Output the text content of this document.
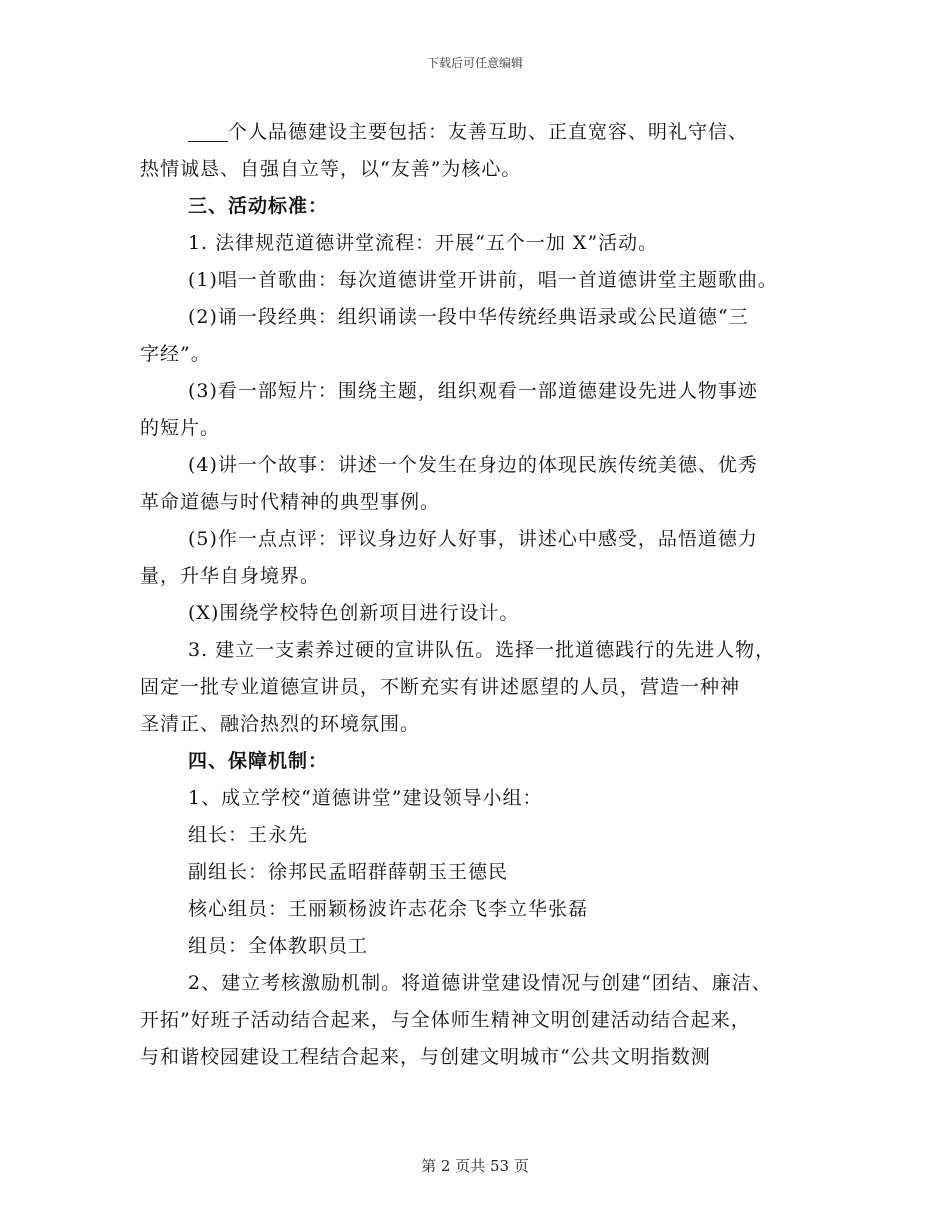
下载后可任意编辑
个人品德建设主要包括：友善互助、正直宽容、明礼守信、
热情诚恳、自强自立等，以“友善”为核心。
三、活动标准：
1. 法律规范道德讲堂流程：开展“五个一加 X”活动。
(1)唱一首歌曲：每次道德讲堂开讲前，唱一首道德讲堂主题歌曲。
(2)诵一段经典：组织诵读一段中华传统经典语录或公民道德“三
字经”。
(3)看一部短片：围绕主题，组织观看一部道德建设先进人物事迹
的短片。
(4)讲一个故事：讲述一个发生在身边的体现民族传统美德、优秀
革命道德与时代精神的典型事例。
(5)作一点点评：评议身边好人好事，讲述心中感受，品悟道德力
量，升华自身境界。
(X)围绕学校特色创新项目进行设计。
3. 建立一支素养过硬的宣讲队伍。选择一批道德践行的先进人物，
固定一批专业道德宣讲员，不断充实有讲述愿望的人员，营造一种神
圣清正、融洽热烈的环境氛围。
四、保障机制：
1、成立学校“道德讲堂”建设领导小组：
组长：王永先
副组长：徐邦民孟昭群薛朝玉王德民
核心组员：王丽颖杨波许志花余飞李立华张磊
组员：全体教职员工
2、建立考核激励机制。将道德讲堂建设情况与创建“团结、廉洁、
开拓”好班子活动结合起来，与全体师生精神文明创建活动结合起来，
与和谐校园建设工程结合起来，与创建文明城市“公共文明指数测
第 2 页共 53 页
